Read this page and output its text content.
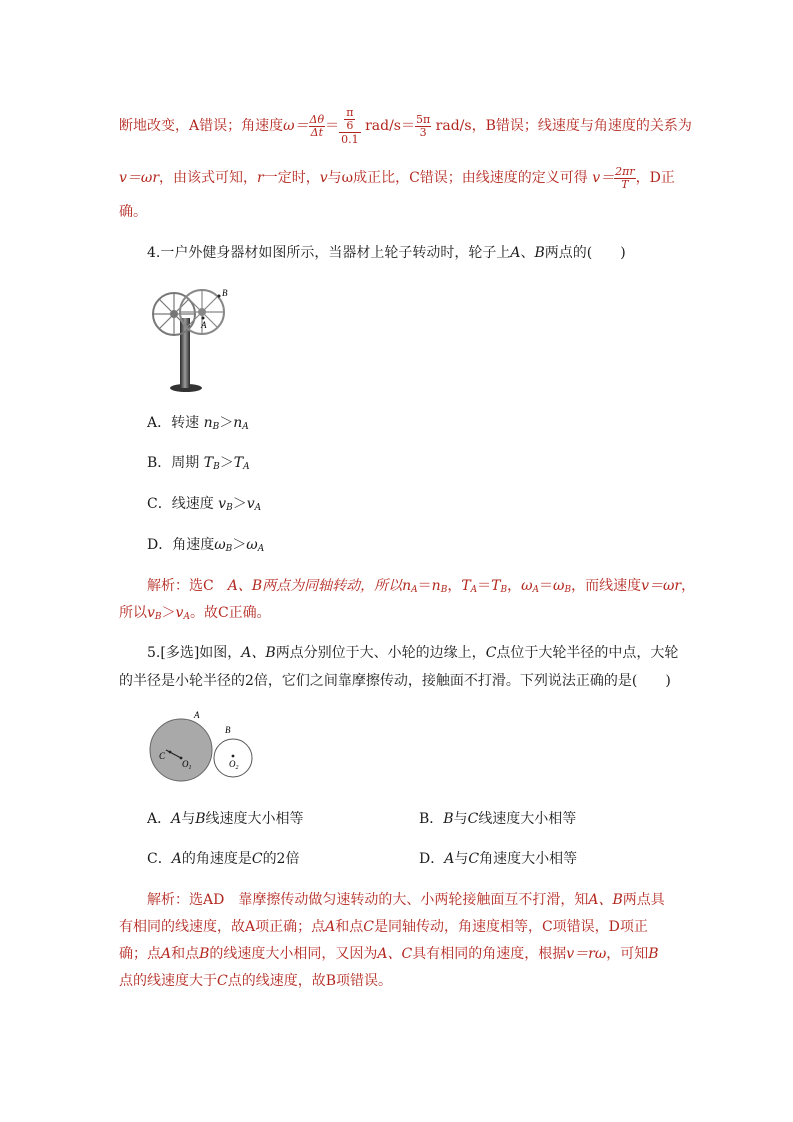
断地改变，A错误；角速度$\omega= \frac{\Delta\theta}{\Delta t} = \frac{\frac{\pi}{6}}{0.1} rad/s= \frac{5\pi}{3} rad/s$，B错误；线速度与角速度的关系为
v＝ωr，由该式可知，r一定时，v与ω成正比，C错误；由线速度的定义可得 $v= \frac{2\pi r}{T}$ ，D正
确。
4.一户外健身器材如图所示，当器材上轮子转动时，轮子上A、B两点的(　　)
B
A
A．转速 $n_B>n_A$
B．周期 $T_B>T_A$
C．线速度 $v_B>v_A$
D．角速度$\omega_B>\omega_A$
解析：选C　A、B两点为同轴转动，所以$n_A=n_B$，$T_A=T_B$，$\omega_A=\omega_B$，而线速度v＝ωr，
所以$v_B>v_A$。故C正确。
5.[多选]如图，A、B两点分别位于大、小轮的边缘上，C点位于大轮半径的中点，大轮
的半径是小轮半径的2倍，它们之间靠摩擦传动，接触面不打滑。下列说法正确的是(　　)
A
B
C
$O_1$	$O_2$
A．A与B线速度大小相等	B．B与C线速度大小相等
C．A的角速度是C的2倍	D．A与C角速度大小相等
解析：选AD　靠摩擦传动做匀速转动的大、小两轮接触面互不打滑，知A、B两点具
有相同的线速度，故A项正确；点A和点C是同轴传动，角速度相等，C项错误，D项正
确；点A和点B的线速度大小相同，又因为A、C具有相同的角速度，根据v＝rω，可知B
点的线速度大于C点的线速度，故B项错误。
